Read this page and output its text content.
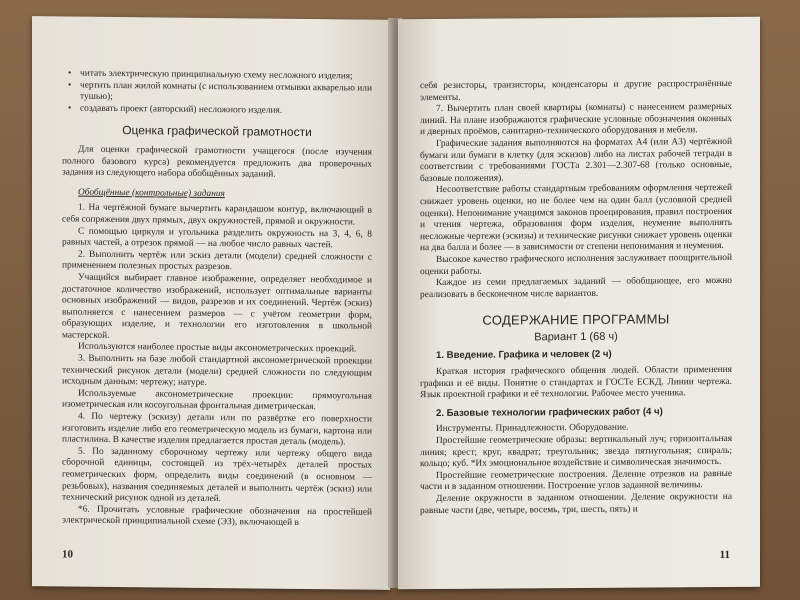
• читать электрическую принципиальную схему несложного изделия;

• чертить план жилой комнаты (с использованием отмывки акварелью или тушью);

• создавать проект (авторский) несложного изделия.

Оценка графической грамотности

Для оценки графической грамотности учащегося (после изучения полного базового курса) рекомендуется предложить два проверочных задания из следующего набора обобщённых заданий.

Обобщённые (контрольные) задания

1. На чертёжной бумаге вычертить карандашом контур, включающий в себя сопряжения двух прямых, двух окружностей, прямой и окружности.

С помощью циркуля и угольника разделить окружность на 3, 4, 6, 8 равных частей, а отрезок прямой — на любое число равных частей.

2. Выполнить чертёж или эскиз детали (модели) средней сложности с применением полезных простых разрезов.

Учащийся выбирает главное изображение, определяет необходимое и достаточное количество изображений, использует оптимальные варианты основных изображений — видов, разрезов и их соединений. Чертёж (эскиз) выполняется с нанесением размеров — с учётом геометрии форм, образующих изделие, и технологии его изготовления в школьной мастерской.

Используются наиболее простые виды аксонометрических проекций.

3. Выполнить на базе любой стандартной аксонометрической проекции технический рисунок детали (модели) средней сложности по следующим исходным данным: чертежу; натуре.

Используемые аксонометрические проекции: прямоугольная изометрическая или косоугольная фронтальная диметрическая.

4. По чертежу (эскизу) детали или по развёртке его поверхности изготовить изделие либо его геометрическую модель из бумаги, картона или пластилина. В качестве изделия предлагается простая деталь (модель).

5. По заданному сборочному чертежу или чертежу общего вида сборочной единицы, состоящей из трёх-четырёх деталей простых геометрических форм, определить виды соединений (в основном — резьбовых), названия соединяемых деталей и выполнить чертёж (эскиз) или технический рисунок одной из деталей.

*6. Прочитать условные графические обозначения на простейшей электрической принципиальной схеме (ЭЗ), включающей в

10

себя резисторы, транзисторы, конденсаторы и другие распространённые элементы.

7. Вычертить план своей квартиры (комнаты) с нанесением размерных линий. На плане изображаются графические условные обозначения оконных и дверных проёмов, санитарно-технического оборудования и мебели.

Графические задания выполняются на форматах А4 (или А3) чертёжной бумаги или бумаги в клетку (для эскизов) либо на листах рабочей тетради в соответствии с требованиями ГОСТа 2.301—2.307-68 (только основные, базовые положения).

Несоответствие работы стандартным требованиям оформления чертежей снижает уровень оценки, но не более чем на один балл (условной средней оценки). Непонимание учащимся законов проецирования, правил построения и чтения чертежа, образования форм изделия, неумение выполнять несложные чертежи (эскизы) и технические рисунки снижает уровень оценки на два балла и более — в зависимости от степени непонимания и неумения.

Высокое качество графического исполнения заслуживает поощрительной оценки работы.

Каждое из семи предлагаемых заданий — обобщающее, его можно реализовать в бесконечном числе вариантов.

СОДЕРЖАНИЕ ПРОГРАММЫ
Вариант 1 (68 ч)
1. Введение. Графика и человек (2 ч)

Краткая история графического общения людей. Области применения графики и её виды. Понятие о стандартах и ГОСТе ЕСКД. Линии чертежа. Язык проектной графики и её технологии. Рабочее место ученика.

2. Базовые технологии графических работ (4 ч)

Инструменты. Принадлежности. Оборудование.

Простейшие геометрические образы: вертикальный луч; горизонтальная линия; крест; круг, квадрат; треугольник; звезда пятиугольная; спираль; кольцо; куб. *Их эмоциональное воздействие и символическая значимость.

Простейшие геометрические построения. Деление отрезков на равные части и в заданном отношении. Построение углов заданной величины.

Деление окружности в заданном отношении. Деление окружности на равные части (две, четыре, восемь, три, шесть, пять) и

11
